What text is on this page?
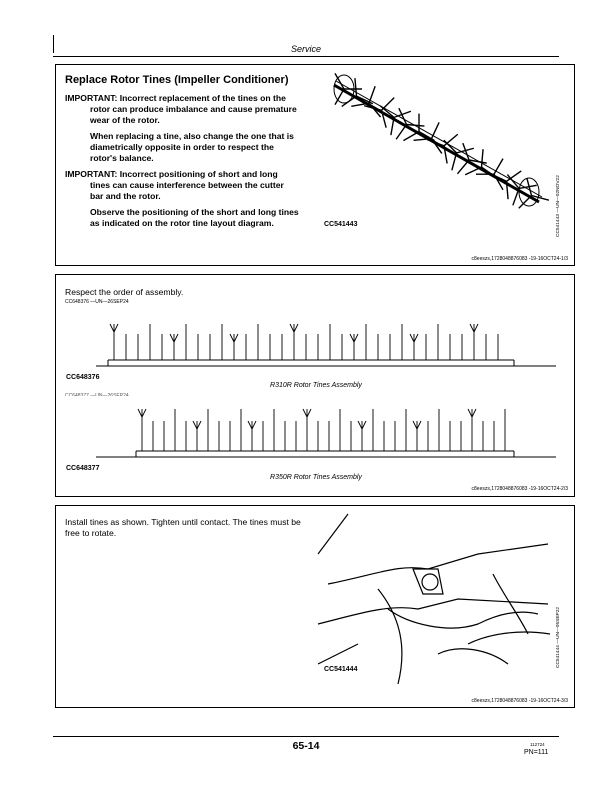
Service
Replace Rotor Tines (Impeller Conditioner)
IMPORTANT: Incorrect replacement of the tines on the rotor can produce imbalance and cause premature wear of the rotor.
When replacing a tine, also change the one that is diametrically opposite in order to respect the rotor's balance.
IMPORTANT: Incorrect positioning of short and long tines can cause interference between the cutter bar and the rotor.
Observe the positioning of the short and long tines as indicated on the rotor tine layout diagram.	CC541443	CC541443 —UN—02NOV22
c8eeszs,1728048876083 -19-16OCT24-1/3
Respect the order of assembly.
CC648376 —UN—26SEP24
CC648376
R310R Rotor Tines Assembly
CC648377 —UN—26SEP24
CC648377
R350R Rotor Tines Assembly
c8eeszs,1728048876083 -19-16OCT24-2/3
Install tines as shown. Tighten until contact. The tines must be free to rotate.
CC541444
CC541444 —UN—05SEP22
c8eeszs,1728048876083 -19-16OCT24-3/3
65-14	112724
PN=111
